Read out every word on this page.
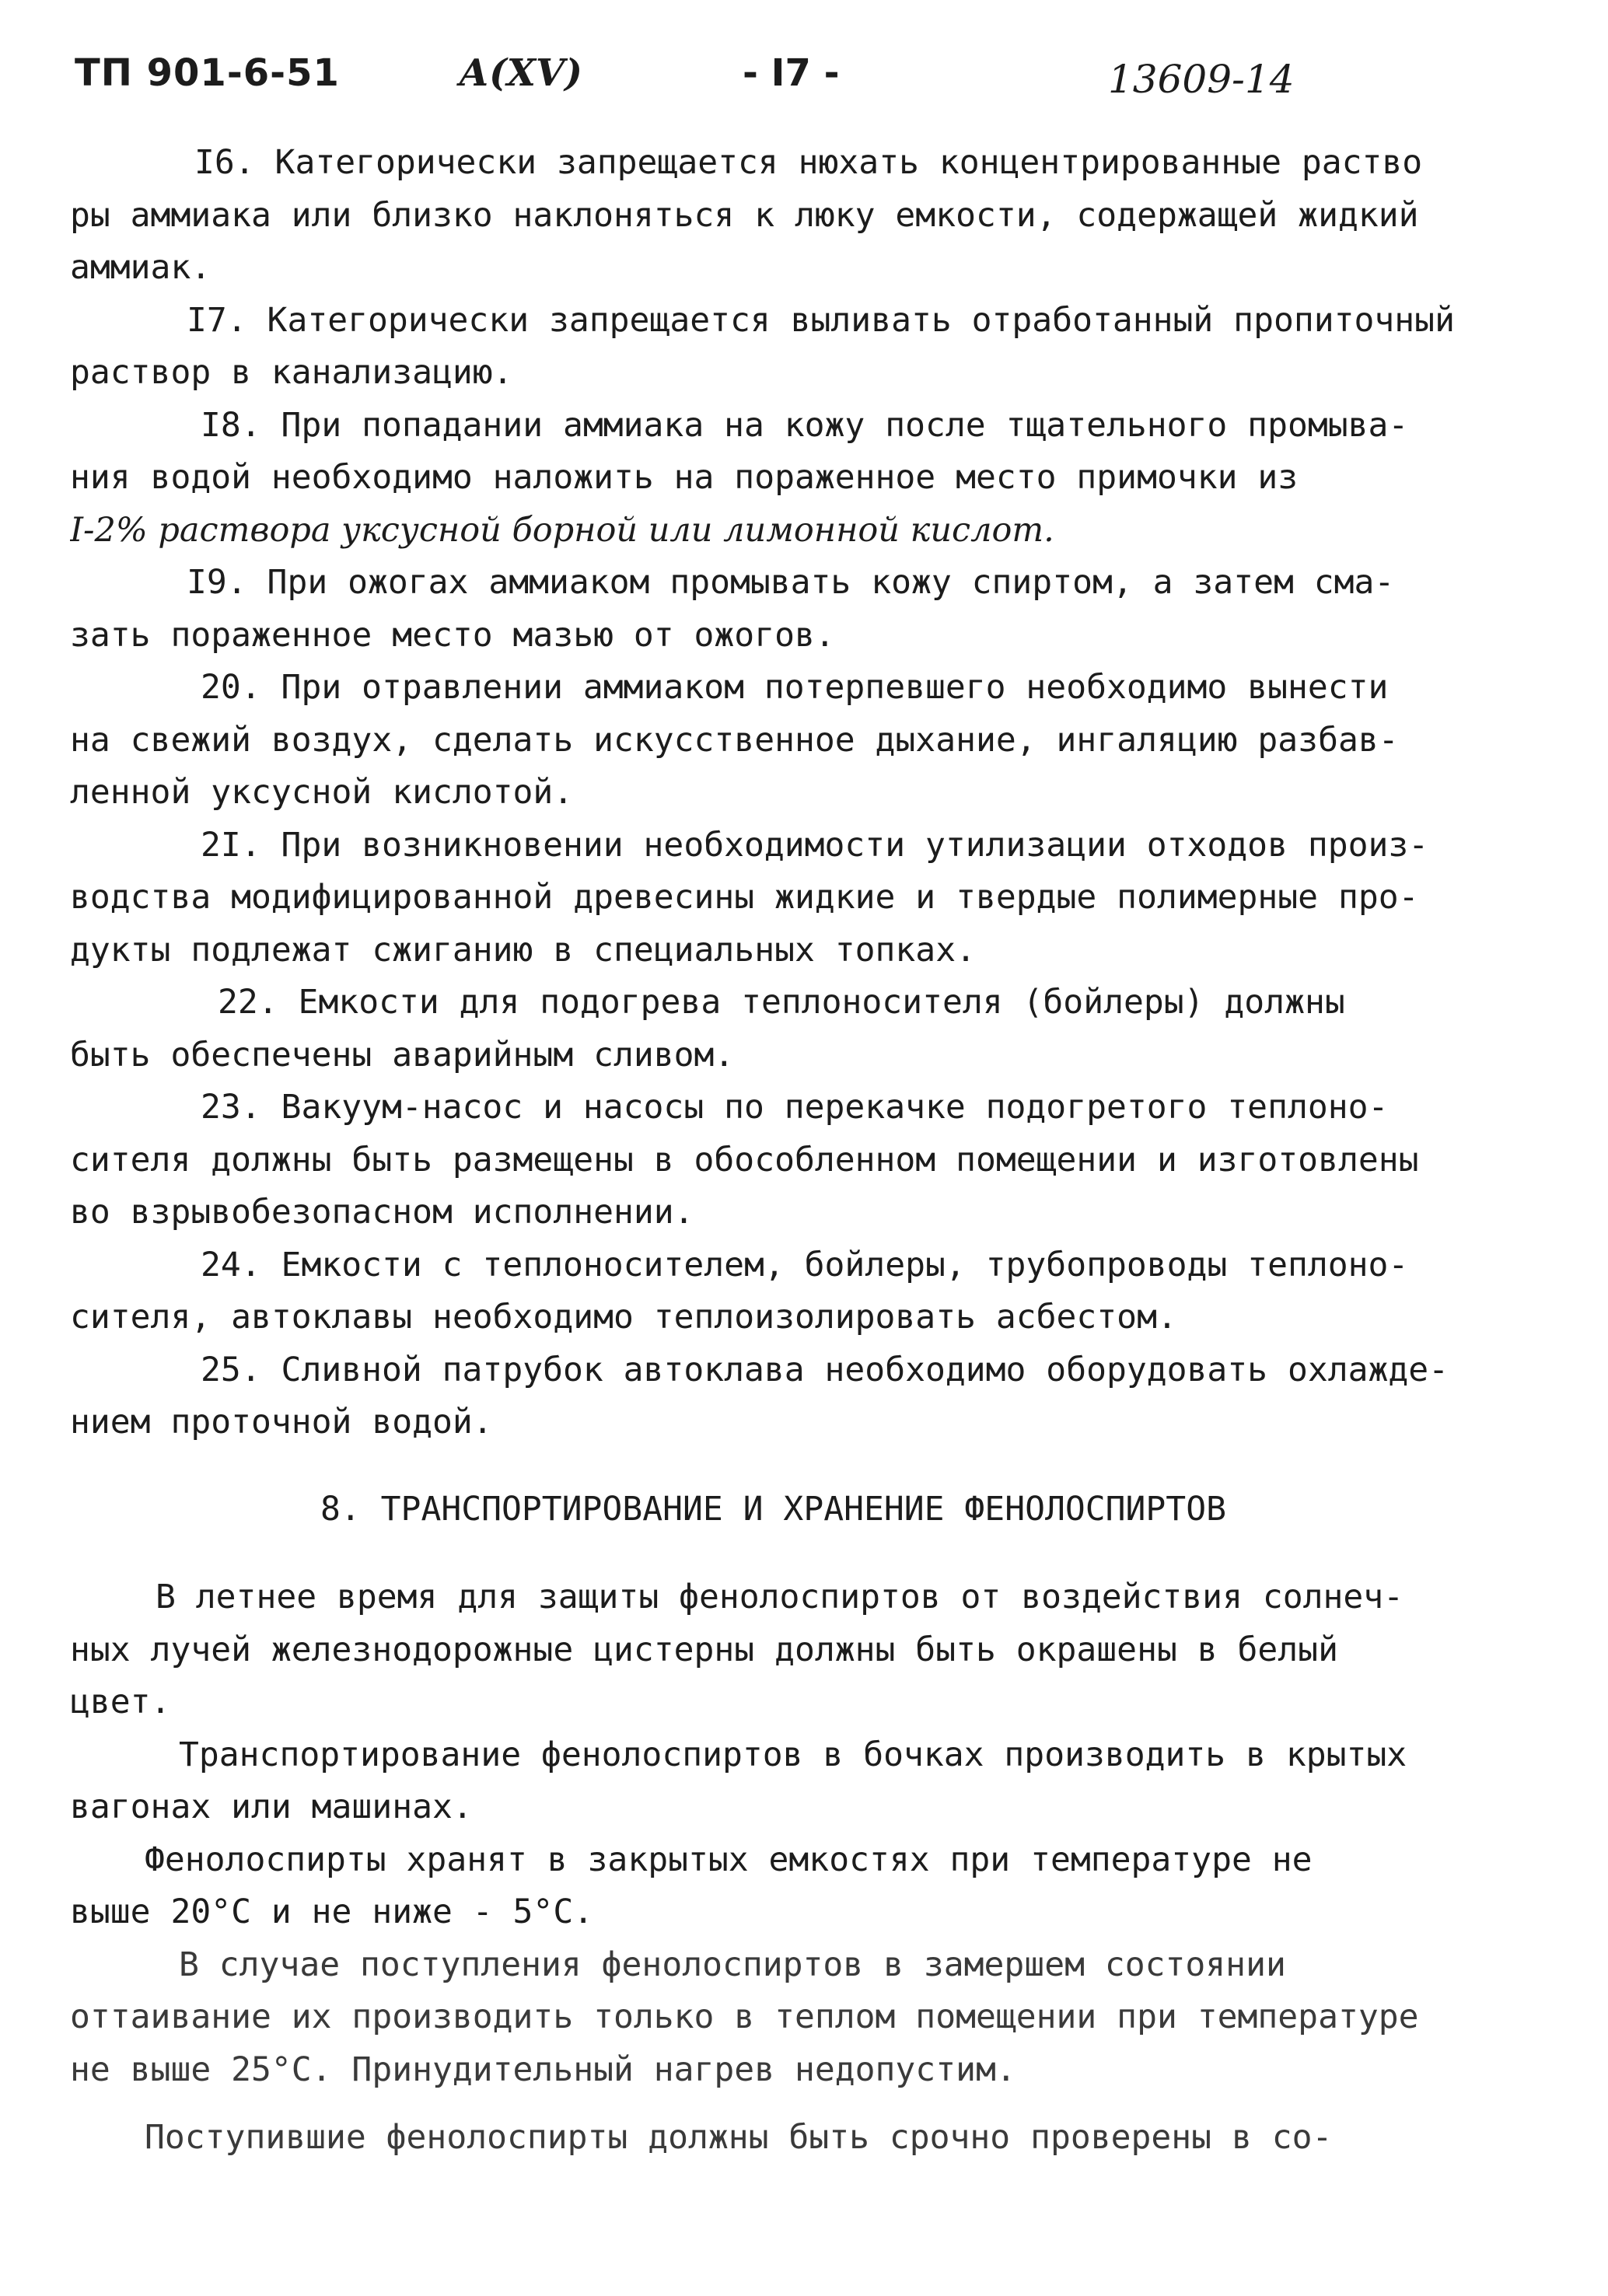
ТП 901-6-51	А(XV)	- I7 -	13609-14
I6. Категорически запрещается нюхать концентрированные раство
ры аммиака или близко наклоняться к люку емкости, содержащей жидкий
аммиак.
I7. Категорически запрещается выливать отработанный пропиточный
раствор в канализацию.
I8. При попадании аммиака на кожу после тщательного промыва-
ния водой необходимо наложить на пораженное место примочки из
I-2% раствора уксусной борной или лимонной кислот.
I9. При ожогах аммиаком промывать кожу спиртом, а затем сма-
зать пораженное место мазью от ожогов.
20. При отравлении аммиаком потерпевшего необходимо вынести
на свежий воздух, сделать искусственное дыхание, ингаляцию разбав-
ленной уксусной кислотой.
2I. При возникновении необходимости утилизации отходов произ-
водства модифицированной древесины жидкие и твердые полимерные про-
дукты подлежат сжиганию в специальных топках.
22. Емкости для подогрева теплоносителя (бойлеры) должны
быть обеспечены аварийным сливом.
23. Вакуум-насос и насосы по перекачке подогретого теплоно-
сителя должны быть размещены в обособленном помещении и изготовлены
во взрывобезопасном исполнении.
24. Емкости с теплоносителем, бойлеры, трубопроводы теплоно-
сителя, автоклавы необходимо теплоизолировать асбестом.
25. Сливной патрубок автоклава необходимо оборудовать охлажде-
нием проточной водой.
8. ТРАНСПОРТИРОВАНИЕ И ХРАНЕНИЕ ФЕНОЛОСПИРТОВ
В летнее время для защиты фенолоспиртов от воздействия солнеч-
ных лучей железнодорожные цистерны должны быть окрашены в белый
цвет.
Транспортирование фенолоспиртов в бочках производить в крытых
вагонах или машинах.
Фенолоспирты хранят в закрытых емкостях при температуре не
выше 20°С и не ниже - 5°С.
В случае поступления фенолоспиртов в замершем состоянии
оттаивание их производить только в теплом помещении при температуре
не выше 25°С. Принудительный нагрев недопустим.
Поступившие фенолоспирты должны быть срочно проверены в со-
